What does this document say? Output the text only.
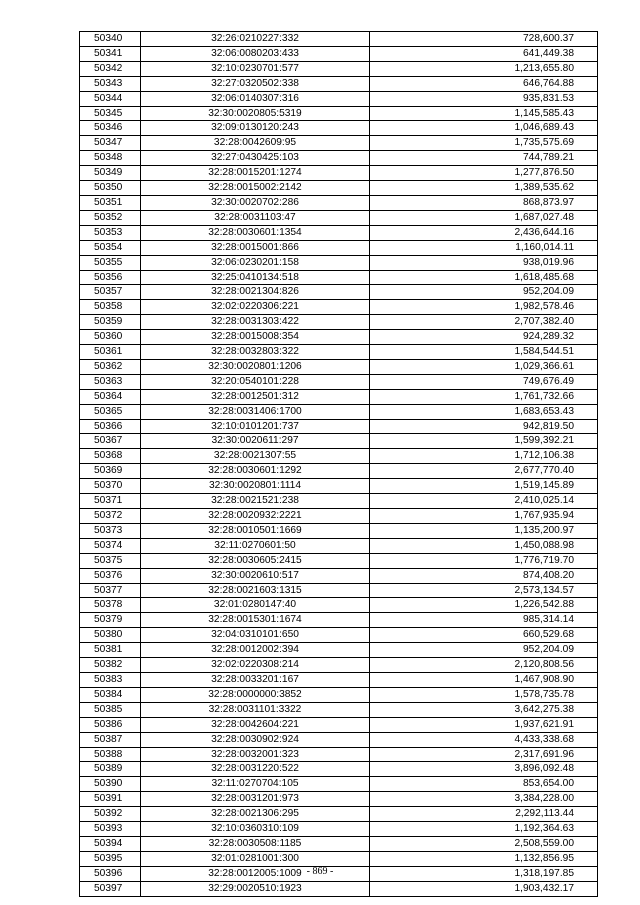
50340	32:26:0210227:332	728,600.37
50341	32:06:0080203:433	641,449.38
50342	32:10:0230701:577	1,213,655.80
50343	32:27:0320502:338	646,764.88
50344	32:06:0140307:316	935,831.53
50345	32:30:0020805:5319	1,145,585.43
50346	32:09:0130120:243	1,046,689.43
50347	32:28:0042609:95	1,735,575.69
50348	32:27:0430425:103	744,789.21
50349	32:28:0015201:1274	1,277,876.50
50350	32:28:0015002:2142	1,389,535.62
50351	32:30:0020702:286	868,873.97
50352	32:28:0031103:47	1,687,027.48
50353	32:28:0030601:1354	2,436,644.16
50354	32:28:0015001:866	1,160,014.11
50355	32:06:0230201:158	938,019.96
50356	32:25:0410134:518	1,618,485.68
50357	32:28:0021304:826	952,204.09
50358	32:02:0220306:221	1,982,578.46
50359	32:28:0031303:422	2,707,382.40
50360	32:28:0015008:354	924,289.32
50361	32:28:0032803:322	1,584,544.51
50362	32:30:0020801:1206	1,029,366.61
50363	32:20:0540101:228	749,676.49
50364	32:28:0012501:312	1,761,732.66
50365	32:28:0031406:1700	1,683,653.43
50366	32:10:0101201:737	942,819.50
50367	32:30:0020611:297	1,599,392.21
50368	32:28:0021307:55	1,712,106.38
50369	32:28:0030601:1292	2,677,770.40
50370	32:30:0020801:1114	1,519,145.89
50371	32:28:0021521:238	2,410,025.14
50372	32:28:0020932:2221	1,767,935.94
50373	32:28:0010501:1669	1,135,200.97
50374	32:11:0270601:50	1,450,088.98
50375	32:28:0030605:2415	1,776,719.70
50376	32:30:0020610:517	874,408.20
50377	32:28:0021603:1315	2,573,134.57
50378	32:01:0280147:40	1,226,542.88
50379	32:28:0015301:1674	985,314.14
50380	32:04:0310101:650	660,529.68
50381	32:28:0012002:394	952,204.09
50382	32:02:0220308:214	2,120,808.56
50383	32:28:0033201:167	1,467,908.90
50384	32:28:0000000:3852	1,578,735.78
50385	32:28:0031101:3322	3,642,275.38
50386	32:28:0042604:221	1,937,621.91
50387	32:28:0030902:924	4,433,338.68
50388	32:28:0032001:323	2,317,691.96
50389	32:28:0031220:522	3,896,092.48
50390	32:11:0270704:105	853,654.00
50391	32:28:0031201:973	3,384,228.00
50392	32:28:0021306:295	2,292,113.44
50393	32:10:0360310:109	1,192,364.63
50394	32:28:0030508:1185	2,508,559.00
50395	32:01:0281001:300	1,132,856.95
50396	32:28:0012005:1009	1,318,197.85
50397	32:29:0020510:1923	1,903,432.17
- 869 -
